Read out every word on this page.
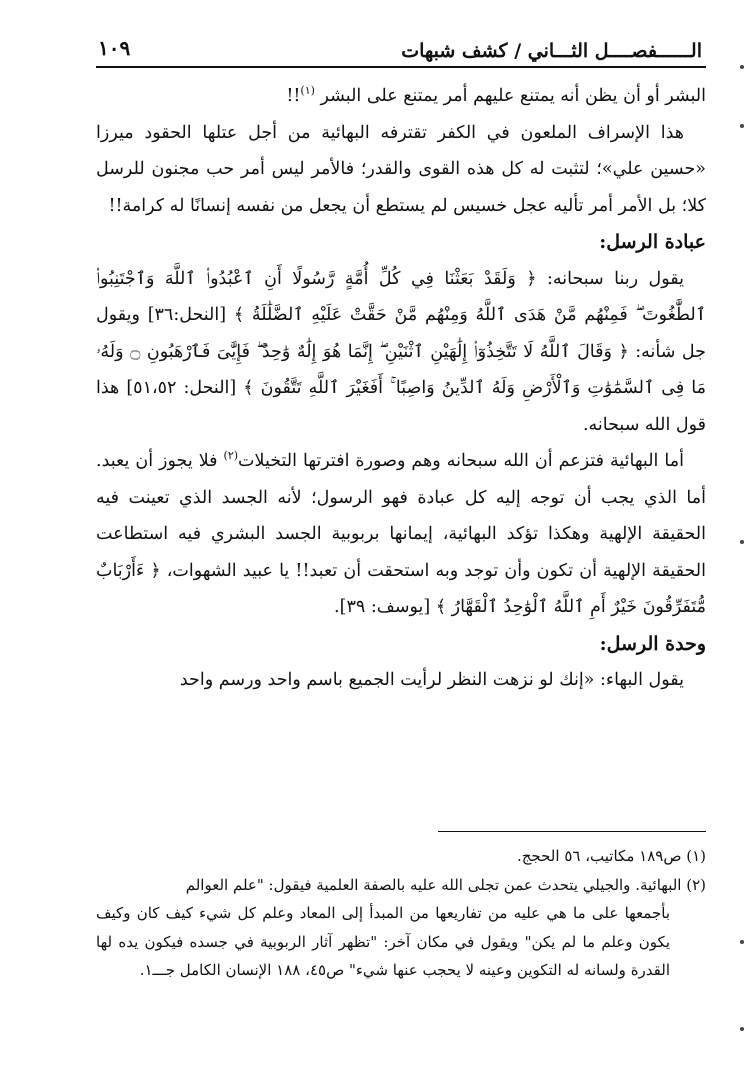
١٠٩	الــــــفصــــل الثـــاني / كشف شبهات

البشر أو أن يظن أنه يمتنع عليهم أمر يمتنع على البشر $^{(١)}$!!

هذا الإسراف الملعون في الكفر تقترفه البهائية من أجل عتلها الحقود ميرزا «حسين علي»؛ لتثبت له كل هذه القوى والقدر؛ فالأمر ليس أمر حب مجنون للرسل كلا؛ بل الأمر أمر تأليه عجل خسيس لم يستطع أن يجعل من نفسه إنسانًا له كرامة!!

عبادة الرسل:

يقول ربنا سبحانه: ﴿ وَلَقَدْ بَعَثْنَا فِي كُلِّ أُمَّةٍ رَّسُولًا أَنِ ٱعْبُدُوا۟ ٱللَّهَ وَٱجْتَنِبُوا۟ ٱلطَّٰغُوتَ ۖ فَمِنْهُم مَّنْ هَدَى ٱللَّهُ وَمِنْهُم مَّنْ حَقَّتْ عَلَيْهِ ٱلضَّلَٰلَةُ ﴾ [النحل:٣٦] ويقول جل شأنه: ﴿ وَقَالَ ٱللَّهُ لَا تَتَّخِذُوٓا۟ إِلَٰهَيْنِ ٱثْنَيْنِ ۖ إِنَّمَا هُوَ إِلَٰهٌ وَٰحِدٌ ۖ فَإِيَّٰىَ فَٱرْهَبُونِ ۝ وَلَهُۥ مَا فِى ٱلسَّمَٰوَٰتِ وَٱلْأَرْضِ وَلَهُ ٱلدِّينُ وَاصِبًا ۚ أَفَغَيْرَ ٱللَّهِ تَتَّقُونَ ﴾ [النحل: ٥١،٥٢] هذا قول الله سبحانه.

أما البهائية فتزعم أن الله سبحانه وهم وصورة افترتها التخيلات$^{(٢)}$ فلا يجوز أن يعبد. أما الذي يجب أن توجه إليه كل عبادة فهو الرسول؛ لأنه الجسد الذي تعينت فيه الحقيقة الإلهية وهكذا تؤكد البهائية، إيمانها بربوبية الجسد البشري فيه استطاعت الحقيقة الإلهية أن تكون وأن توجد وبه استحقت أن تعبد!! يا عبيد الشهوات، ﴿ ءَأَرْبَابٌ مُّتَفَرِّقُونَ خَيْرٌ أَمِ ٱللَّهُ ٱلْوَٰحِدُ ٱلْقَهَّارُ ﴾ [يوسف: ٣٩].

وحدة الرسل:

يقول البهاء: «إنك لو نزهت النظر لرأيت الجميع باسم واحد ورسم واحد

(١) ص١٨٩ مكاتيب، ٥٦ الحجج.

(٢) البهائية. والجيلي يتحدث عمن تجلى الله عليه بالصفة العلمية فيقول: "علم العوالم

بأجمعها على ما هي عليه من تفاريعها من المبدأ إلى المعاد وعلم كل شيء كيف كان وكيف يكون وعلم ما لم يكن" ويقول في مكان آخر: "تظهر آثار الربوبية في جسده فيكون يده لها القدرة ولسانه له التكوين وعينه لا يحجب عنها شيء" ص٤٥، ١٨٨ الإنسان الكامل جـــ١.
